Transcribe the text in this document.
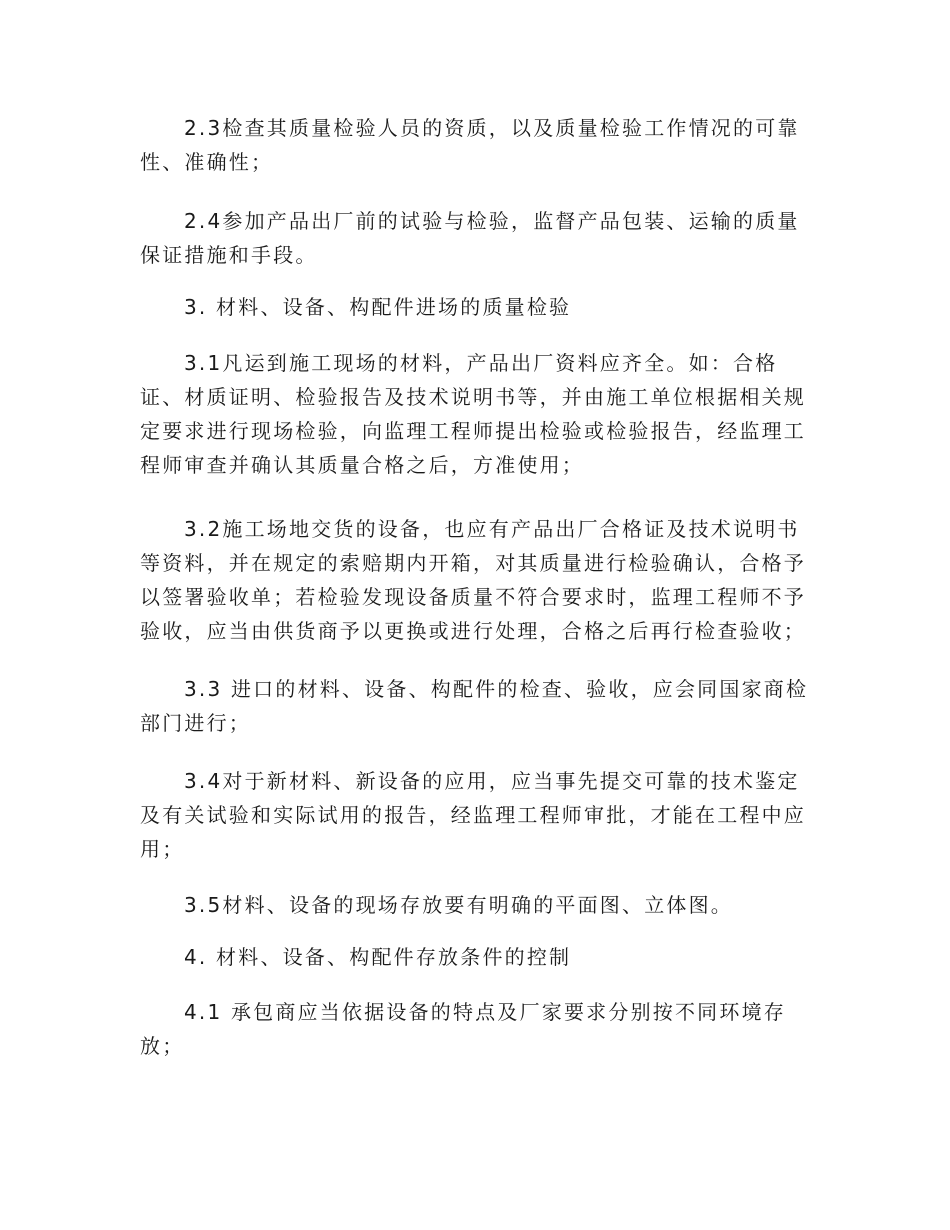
2.3检查其质量检验人员的资质，以及质量检验工作情况的可靠性、准确性；

2.4参加产品出厂前的试验与检验，监督产品包装、运输的质量保证措施和手段。

3. 材料、设备、构配件进场的质量检验

3.1凡运到施工现场的材料，产品出厂资料应齐全。如：合格证、材质证明、检验报告及技术说明书等，并由施工单位根据相关规定要求进行现场检验，向监理工程师提出检验或检验报告，经监理工程师审查并确认其质量合格之后，方准使用；

3.2施工场地交货的设备，也应有产品出厂合格证及技术说明书等资料，并在规定的索赔期内开箱，对其质量进行检验确认，合格予以签署验收单；若检验发现设备质量不符合要求时，监理工程师不予验收，应当由供货商予以更换或进行处理，合格之后再行检查验收；

3.3 进口的材料、设备、构配件的检查、验收，应会同国家商检部门进行；

3.4对于新材料、新设备的应用，应当事先提交可靠的技术鉴定及有关试验和实际试用的报告，经监理工程师审批，才能在工程中应用；

3.5材料、设备的现场存放要有明确的平面图、立体图。

4. 材料、设备、构配件存放条件的控制

4.1 承包商应当依据设备的特点及厂家要求分别按不同环境存放；
